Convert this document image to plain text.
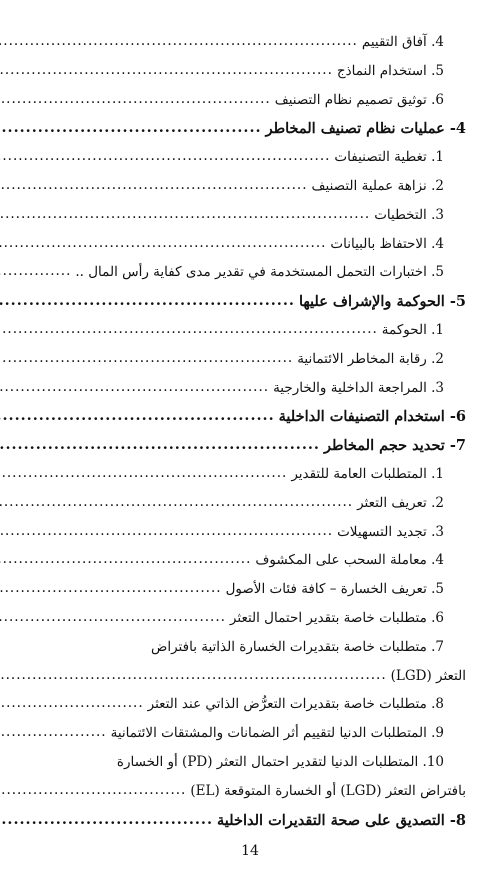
4. آفاق التقييم
.....
5. استخدام النماذج
.....
6. توثيق تصميم نظام التصنيف
.....
4- عمليات نظام تصنيف المخاطر
.....
1. تغطية التصنيفات
.....
2. نزاهة عملية التصنيف
.....
3. التخطيات
.....
4. الاحتفاظ بالبيانات
.....
5. اختبارات التحمل المستخدمة في تقدير مدى كفاية رأس المال ..
.....
5- الحوكمة والإشراف عليها
.....
1. الحوكمة
.....
2. رقابة المخاطر الائتمانية
.....
3. المراجعة الداخلية والخارجية
.....
6- استخدام التصنيفات الداخلية
.....
7- تحديد حجم المخاطر
.....
1. المتطلبات العامة للتقدير
.....
2. تعريف التعثر
.....
3. تجديد التسهيلات
.....
4. معاملة السحب على المكشوف
.....
5. تعريف الخسارة – كافة فئات الأصول
.....
6. متطلبات خاصة بتقدير احتمال التعثر
.....
7. متطلبات خاصة بتقديرات الخسارة الذاتية بافتراض
التعثر (LGD)
.....
8. متطلبات خاصة بتقديرات التعرُّض الذاتي عند التعثر
.....
9. المتطلبات الدنيا لتقييم أثر الضمانات والمشتقات الائتمانية
.....
10. المتطلبات الدنيا لتقدير احتمال التعثر (PD) أو الخسارة
بافتراض التعثر (LGD) أو الخسارة المتوقعة (EL)
.....
8- التصديق على صحة التقديرات الداخلية
.....
14
